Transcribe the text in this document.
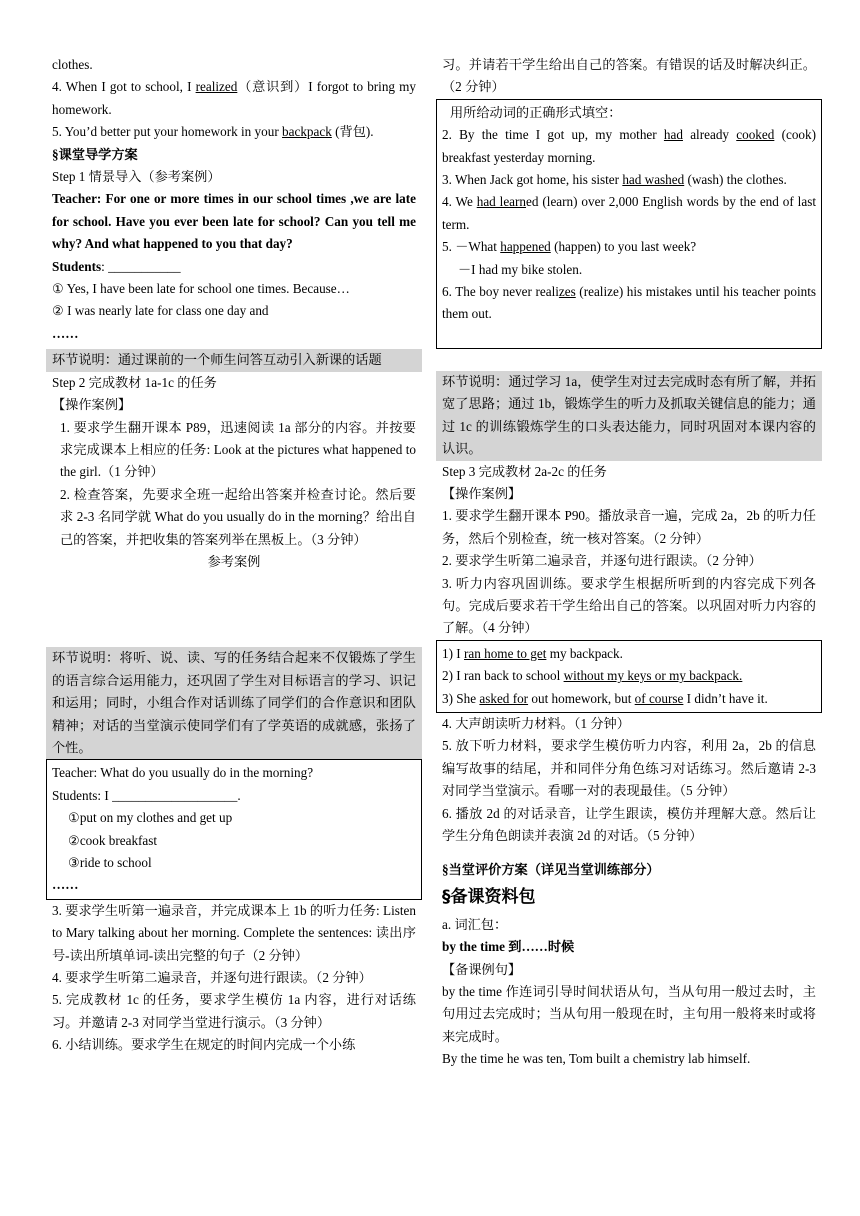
clothes.

4. When I got to school, I realized（意识到）I forgot to bring my homework.

5. You’d better put your homework in your backpack (背包).

§课堂导学方案

Step 1 情景导入（参考案例）

Teacher: For one or more times in our school times ,we are late for school. Have you ever been late for school? Can you tell me why? And what happened to you that day?

Students: ___________

① Yes, I have been late for school one times. Because…

② I was nearly late for class one day and

……

环节说明：通过课前的一个师生问答互动引入新课的话题

Step 2 完成教材 1a-1c 的任务

【操作案例】

1. 要求学生翻开课本 P89，迅速阅读 1a 部分的内容。并按要求完成课本上相应的任务: Look at the pictures what happened to the girl.（1 分钟）

2. 检查答案，先要求全班一起给出答案并检查讨论。然后要求 2-3 名同学就 What do you usually do in the morning？给出自己的答案，并把收集的答案列举在黑板上。（3 分钟）

参考案例

环节说明：将听、说、读、写的任务结合起来不仅锻炼了学生的语言综合运用能力，还巩固了学生对目标语言的学习、识记和运用；同时，小组合作对话训练了同学们的合作意识和团队精神；对话的当堂演示使同学们有了学英语的成就感，张扬了个性。

Teacher: What do you usually do in the morning?

Students: I ___________________.

①put on my clothes and get up

②cook breakfast

③ride to school

……

3. 要求学生听第一遍录音，并完成课本上 1b 的听力任务: Listen to Mary talking about her morning. Complete the sentences: 读出序号-读出所填单词-读出完整的句子（2 分钟）

4. 要求学生听第二遍录音，并逐句进行跟读。（2 分钟）

5. 完成教材 1c 的任务，要求学生模仿 1a 内容，进行对话练习。并邀请 2-3 对同学当堂进行演示。（3 分钟）

6. 小结训练。要求学生在规定的时间内完成一个小练

习。并请若干学生给出自己的答案。有错误的话及时解决纠正。（2 分钟）

用所给动词的正确形式填空：

2. By the time I got up, my mother had already cooked (cook) breakfast yesterday morning.

3. When Jack got home, his sister had washed (wash) the clothes.

4. We had learned (learn) over 2,000 English words by the end of last term.

5. －What happened (happen) to you last week?

－I had my bike stolen.

6. The boy never realizes (realize) his mistakes until his teacher points them out.

环节说明：通过学习 1a，使学生对过去完成时态有所了解，并拓宽了思路；通过 1b，锻炼学生的听力及抓取关键信息的能力；通过 1c 的训练锻炼学生的口头表达能力，同时巩固对本课内容的认识。

Step 3 完成教材 2a-2c 的任务

【操作案例】

1. 要求学生翻开课本 P90。播放录音一遍，完成 2a，2b 的听力任务，然后个别检查，统一核对答案。（2 分钟）

2. 要求学生听第二遍录音，并逐句进行跟读。（2 分钟）

3. 听力内容巩固训练。要求学生根据所听到的内容完成下列各句。完成后要求若干学生给出自己的答案。以巩固对听力内容的了解。（4 分钟）

1) I ran home to get my backpack.

2) I ran back to school without my keys or my backpack.

3) She asked for out homework, but of course I didn’t have it.

4. 大声朗读听力材料。（1 分钟）

5. 放下听力材料，要求学生模仿听力内容，利用 2a，2b 的信息编写故事的结尾，并和同伴分角色练习对话练习。然后邀请 2-3 对同学当堂演示。看哪一对的表现最佳。（5 分钟）

6. 播放 2d 的对话录音，让学生跟读，模仿并理解大意。然后让学生分角色朗读并表演 2d 的对话。（5 分钟）

§当堂评价方案（详见当堂训练部分）

§备课资料包

a. 词汇包：

by the time 到……时候

【备课例句】

by the time 作连词引导时间状语从句，当从句用一般过去时，主句用过去完成时；当从句用一般现在时，主句用一般将来时或将来完成时。

By the time he was ten, Tom built a chemistry lab himself.
